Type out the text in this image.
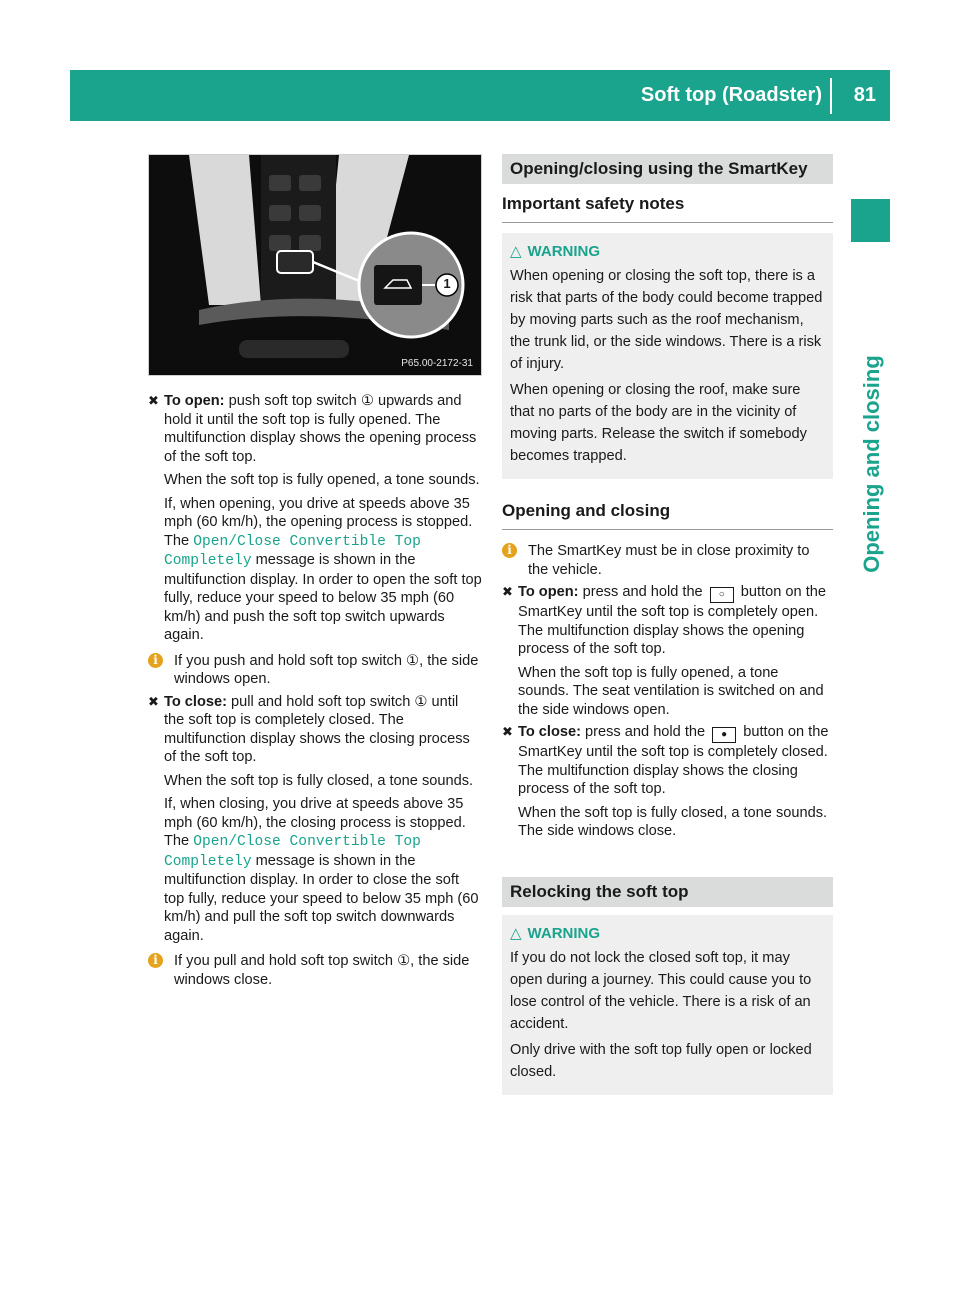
Soft top (Roadster) 81
Opening and closing
1
P65.00-2172-31
✖ To open: push soft top switch ① upwards and hold it until the soft top is fully opened. The multifunction display shows the opening process of the soft top.

When the soft top is fully opened, a tone sounds.

If, when opening, you drive at speeds above 35 mph (60 km/h), the opening process is stopped. The Open/Close Convertible Top Completely message is shown in the multifunction display. In order to open the soft top fully, reduce your speed to below 35 mph (60 km/h) and push the soft top switch upwards again.

i	If you push and hold soft top switch ①, the side windows open.
✖ To close: pull and hold soft top switch ① until the soft top is completely closed. The multifunction display shows the closing process of the soft top.

When the soft top is fully closed, a tone sounds.

If, when closing, you drive at speeds above 35 mph (60 km/h), the closing process is stopped. The Open/Close Convertible Top Completely message is shown in the multifunction display. In order to close the soft top fully, reduce your speed to below 35 mph (60 km/h) and pull the soft top switch downwards again.

i	If you pull and hold soft top switch ①, the side windows close.
Opening/closing using the SmartKey
Important safety notes
△ WARNING

When opening or closing the soft top, there is a risk that parts of the body could become trapped by moving parts such as the roof mechanism, the trunk lid, or the side windows. There is a risk of injury.

When opening or closing the roof, make sure that no parts of the body are in the vicinity of moving parts. Release the switch if somebody becomes trapped.

Opening and closing
i	The SmartKey must be in close proximity to the vehicle.
✖ To open: press and hold the ○ button on the SmartKey until the soft top is completely open. The multifunction display shows the opening process of the soft top.

When the soft top is fully opened, a tone sounds. The seat ventilation is switched on and the side windows open.

✖ To close: press and hold the ● button on the SmartKey until the soft top is completely closed. The multifunction display shows the closing process of the soft top.

When the soft top is fully closed, a tone sounds. The side windows close.

Relocking the soft top
△ WARNING

If you do not lock the closed soft top, it may open during a journey. This could cause you to lose control of the vehicle. There is a risk of an accident.

Only drive with the soft top fully open or locked closed.
